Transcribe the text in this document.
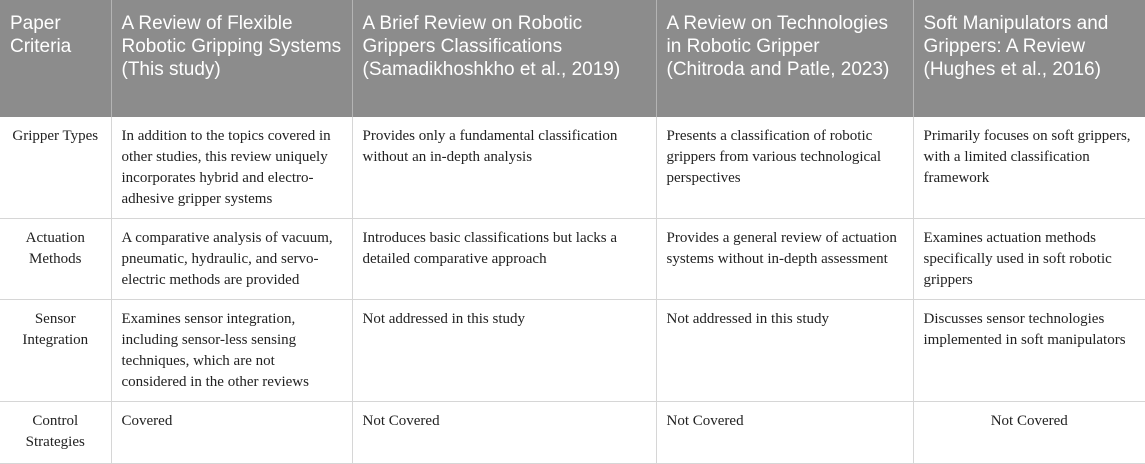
Paper Criteria	A Review of Flexible Robotic Gripping Systems (This study)	A Brief Review on Robotic Grippers Classifications (Samadikhoshkho et al., 2019)	A Review on Technologies in Robotic Gripper (Chitroda and Patle, 2023)	Soft Manipulators and Grippers: A Review (Hughes et al., 2016)
Gripper Types	In addition to the topics covered in other studies, this review uniquely incorporates hybrid and electro-adhesive gripper systems	Provides only a fundamental classification without an in-depth analysis	Presents a classification of robotic grippers from various technological perspectives	Primarily focuses on soft grippers, with a limited classification framework
Actuation Methods	A comparative analysis of vacuum, pneumatic, hydraulic, and servo-electric methods are provided	Introduces basic classifications but lacks a detailed comparative approach	Provides a general review of actuation systems without in-depth assessment	Examines actuation methods specifically used in soft robotic grippers
Sensor Integration	Examines sensor integration, including sensor-less sensing techniques, which are not considered in the other reviews	Not addressed in this study	Not addressed in this study	Discusses sensor technologies implemented in soft manipulators
Control Strategies	Covered	Not Covered	Not Covered	Not Covered
